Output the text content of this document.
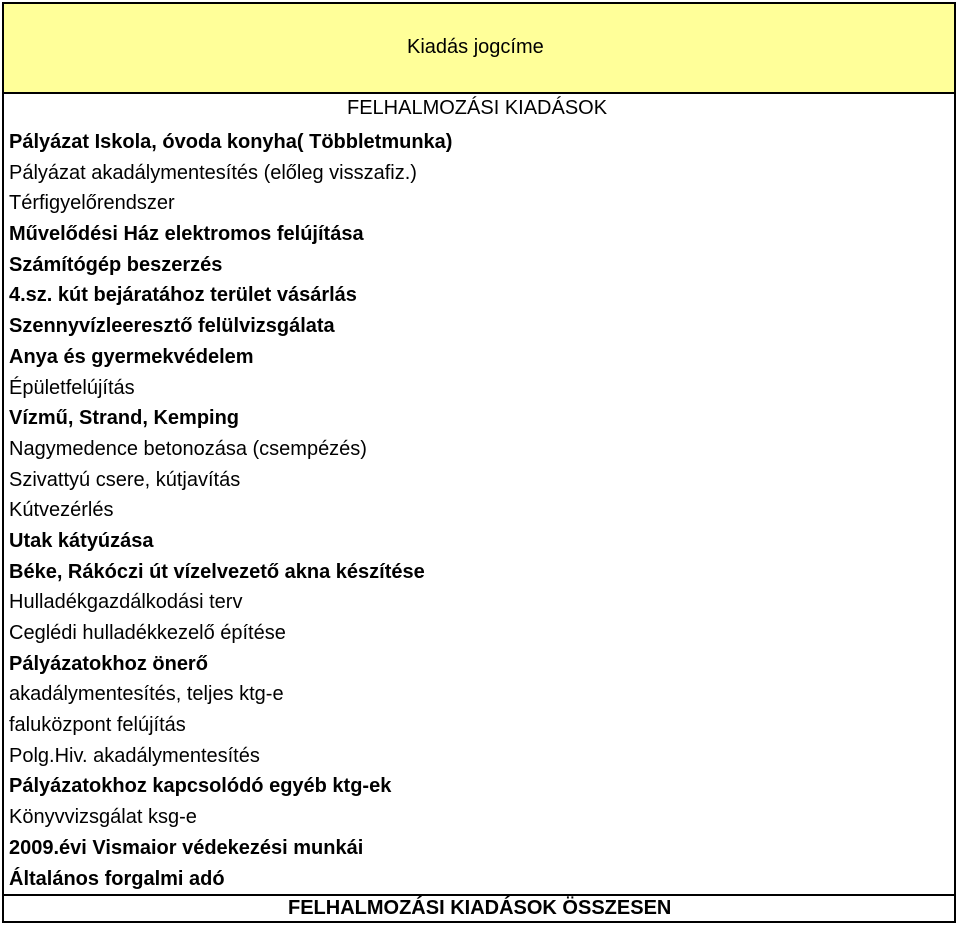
Kiadás jogcíme
FELHALMOZÁSI KIADÁSOK
Pályázat Iskola, óvoda konyha( Többletmunka)
Pályázat akadálymentesítés (előleg visszafiz.)
Térfigyelőrendszer
Művelődési Ház elektromos felújítása
Számítógép beszerzés
4.sz. kút bejáratához terület vásárlás
Szennyvízleeresztő felülvizsgálata
Anya és gyermekvédelem
Épületfelújítás
Vízmű, Strand, Kemping
Nagymedence betonozása (csempézés)
Szivattyú csere, kútjavítás
Kútvezérlés
Utak kátyúzása
Béke, Rákóczi út vízelvezető akna készítése
Hulladékgazdálkodási terv
Ceglédi hulladékkezelő építése
Pályázatokhoz önerő
akadálymentesítés, teljes ktg-e
faluközpont felújítás
Polg.Hiv. akadálymentesítés
Pályázatokhoz kapcsolódó egyéb ktg-ek
Könyvvizsgálat ksg-e
2009.évi Vismaior védekezési munkái
Általános forgalmi adó
FELHALMOZÁSI KIADÁSOK ÖSSZESEN
